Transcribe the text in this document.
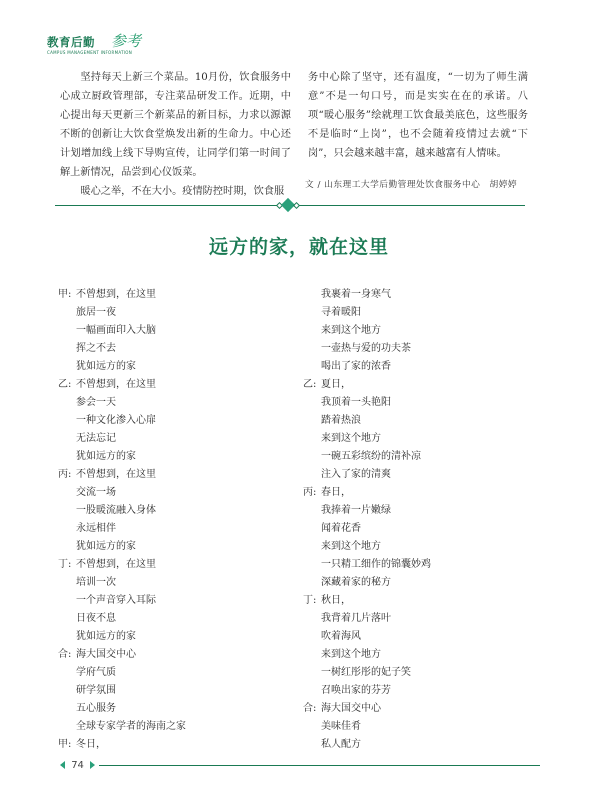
教育后勤 参考
CAMPUS MANAGEMENT INFORMATION

坚持每天上新三个菜品。10月份，饮食服务中心成立厨政管理部，专注菜品研发工作。近期，中心提出每天更新三个新菜品的新目标，力求以源源不断的创新让大饮食堂焕发出新的生命力。中心还计划增加线上线下导购宣传，让同学们第一时间了解上新情况，品尝到心仪饭菜。

暖心之举，不在大小。疫情防控时期，饮食服

务中心除了坚守，还有温度，“一切为了师生满意”不是一句口号，而是实实在在的承诺。八项“暖心服务”绘就理工饮食最美底色，这些服务不是临时“上岗”，也不会随着疫情过去就“下岗”，只会越来越丰富，越来越富有人情味。

文 / 山东理工大学后勤管理处饮食服务中心　胡婷婷
远方的家，就在这里
甲: 不曾想到，在这里
旅居一夜
一幅画面印入大脑
挥之不去
犹如远方的家
乙: 不曾想到，在这里
参会一天
一种文化渗入心扉
无法忘记
犹如远方的家
丙: 不曾想到，在这里
交流一场
一股暖流融入身体
永远相伴
犹如远方的家
丁: 不曾想到，在这里
培训一次
一个声音穿入耳际
日夜不息
犹如远方的家
合: 海大国交中心
学府气质
研学氛围
五心服务
全球专家学者的海南之家
甲: 冬日，
我裹着一身寒气
寻着暖阳
来到这个地方
一壶热与爱的功夫茶
喝出了家的浓香
乙: 夏日，
我顶着一头艳阳
踏着热浪
来到这个地方
一碗五彩缤纷的清补凉
注入了家的清爽
丙: 春日，
我捧着一片嫩绿
闻着花香
来到这个地方
一只精工细作的锦囊妙鸡
深藏着家的秘方
丁: 秋日，
我背着几片落叶
吹着海风
来到这个地方
一树红彤彤的妃子笑
召唤出家的芬芳
合: 海大国交中心
美味佳肴
私人配方
74
